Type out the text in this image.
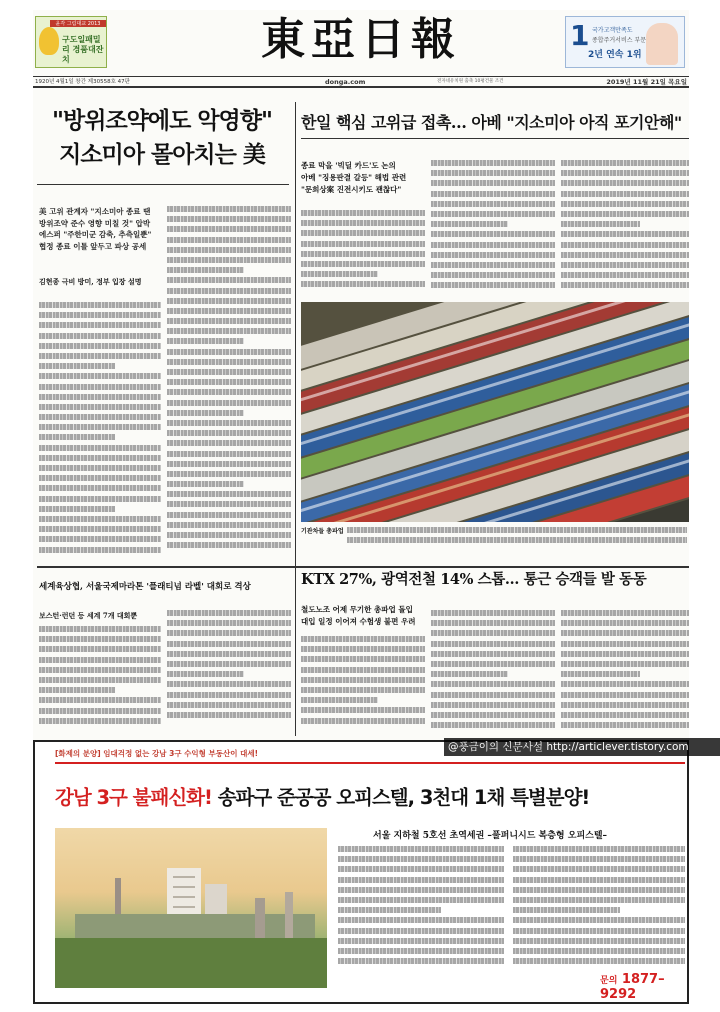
윤각 그림대교 2013
구도일패밀리 경품대잔치	東亞日報	1 국가고객만족도
종합주거서비스 부문
2년 연속 1위
1920년 4월1일 창간 제30558호 47판	donga.com	전자네유치원 출축 10평건물 조건	2019년 11월 21일 목요일
"방위조약에도 악영향"
지소미아 몰아치는 美
美 고위 관계자 "지소미아 종료 땐
방위조약 준수 영향 미칠 것" 압박
에스퍼 "주한미군 감축, 추측일뿐"
협정 종료 이틀 앞두고 파상 공세
김현종 극비 방미, 정부 입장 설명
한일 핵심 고위급 접촉… 아베 "지소미아 아직 포기안해"
종료 막을 '빅딜 카드'도 논의
아베 "징용판결 갈등" 해법 관련
"문희상案 진전시키도 괜찮다"
기관차들 총파업
세계육상협, 서울국제마라톤 '플래티넘 라벨' 대회로 격상
보스턴·런던 등 세계 7개 대회뿐
KTX 27%, 광역전철 14% 스톱… 통근 승객들 발 동동
철도노조 어제 무기한 총파업 돌입
대입 일정 이어져 수험생 불편 우려
[화제의 분양] 임대걱정 없는 강남 3구 수익형 부동산이 대세!
강남 3구 불패신화! 송파구 준공공 오피스텔, 3천대 1채 특별분양!
서울 지하철 5호선 초역세권 –풀퍼니시드 복층형 오피스텔–
문의 1877–9292
@풍금이의 신문사설 http://articlever.tistory.com
